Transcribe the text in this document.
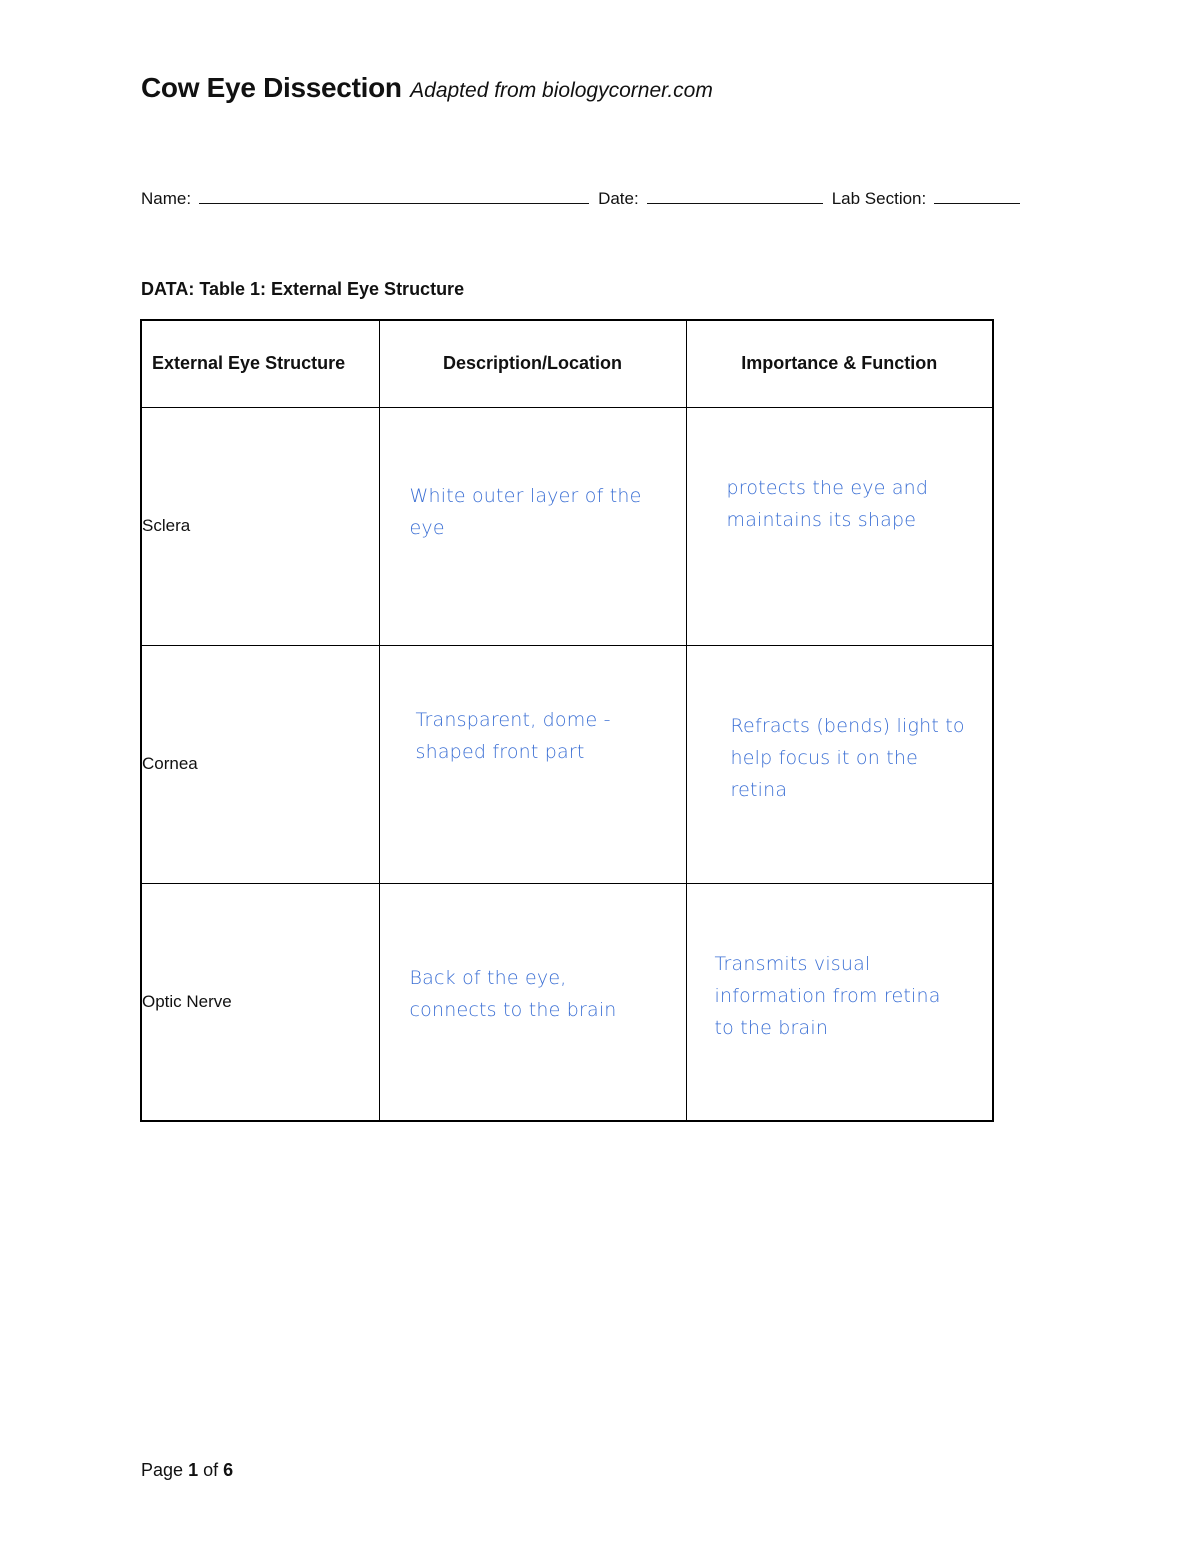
Cow Eye Dissection Adapted from biologycorner.com
Name:	Date:	Lab Section:
DATA: Table 1: External Eye Structure
External Eye Structure	Description/Location	Importance & Function
Sclera	White outer layer of the eye	protects the eye and maintains its shape

Cornea	Transparent, dome - shaped front part	Refracts (bends) light to help focus it on the retina

Optic Nerve	Back of the eye, connects to the brain	Transmits visual information from retina to the brain
Page 1 of 6
